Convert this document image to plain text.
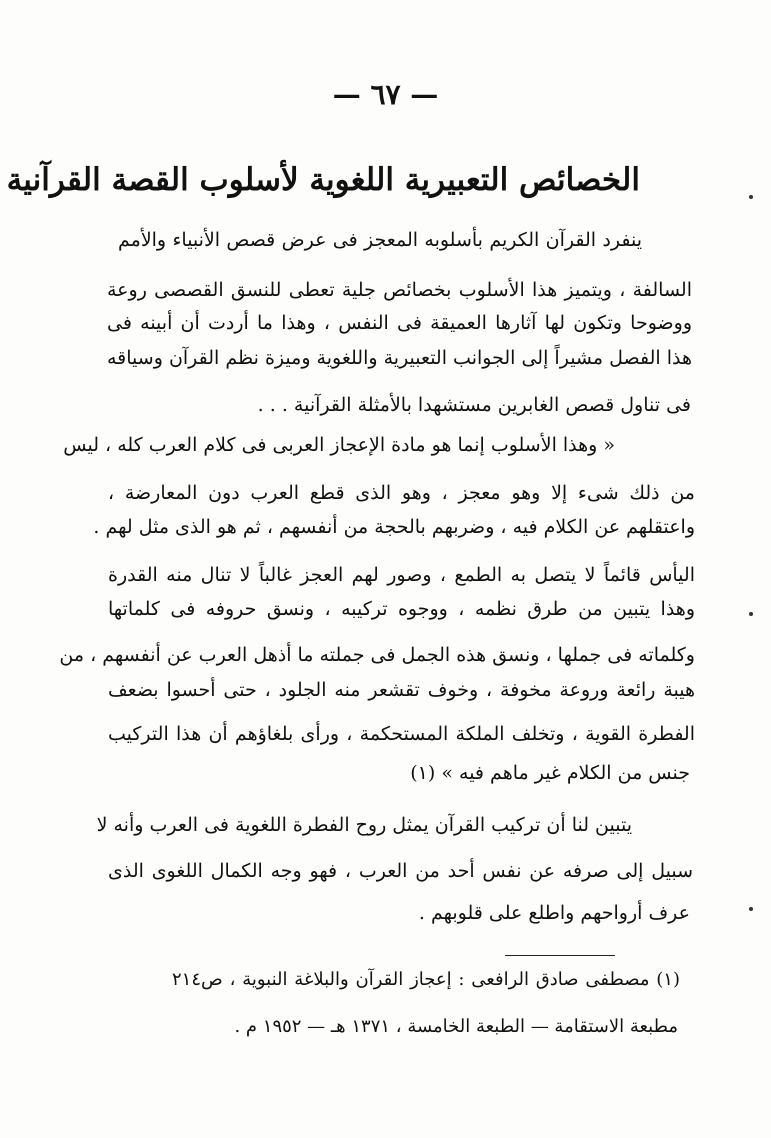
— ٦٧ —
الخصائص التعبيرية اللغوية لأسلوب القصة القرآنية
ينفرد القرآن الكريم بأسلوبه المعجز فى عرض قصص الأنبياء والأمم
السالفة ، ويتميز هذا الأسلوب بخصائص جلية تعطى للنسق القصصى روعة
ووضوحا وتكون لها آثارها العميقة فى النفس ، وهذا ما أردت أن أبينه فى
هذا الفصل مشيراً إلى الجوانب التعبيرية واللغوية وميزة نظم القرآن وسياقه
فى تناول قصص الغابرين مستشهدا بالأمثلة القرآنية . . .
« وهذا الأسلوب إنما هو مادة الإعجاز العربى فى كلام العرب كله ، ليس
من ذلك شىء إلا وهو معجز ، وهو الذى قطع العرب دون المعارضة ،
واعتقلهم عن الكلام فيه ، وضربهم بالحجة من أنفسهم ، ثم هو الذى مثل لهم .
اليأس قائماً لا يتصل به الطمع ، وصور لهم العجز غالباً لا تنال منه القدرة
وهذا يتبين من طرق نظمه ، ووجوه تركيبه ، ونسق حروفه فى كلماتها
وكلماته فى جملها ، ونسق هذه الجمل فى جملته ما أذهل العرب عن أنفسهم ، من
هيبة رائعة وروعة مخوفة ، وخوف تقشعر منه الجلود ، حتى أحسوا بضعف
الفطرة القوية ، وتخلف الملكة المستحكمة ، ورأى بلغاؤهم أن هذا التركيب
جنس من الكلام غير ماهم فيه » (١)
يتبين لنا أن تركيب القرآن يمثل روح الفطرة اللغوية فى العرب وأنه لا
سبيل إلى صرفه عن نفس أحد من العرب ، فهو وجه الكمال اللغوى الذى
عرف أرواحهم واطلع على قلوبهم .
(١) مصطفى صادق الرافعى : إعجاز القرآن والبلاغة النبوية ، ص٢١٤
مطبعة الاستقامة — الطبعة الخامسة ، ١٣٧١ هـ — ١٩٥٢ م .
